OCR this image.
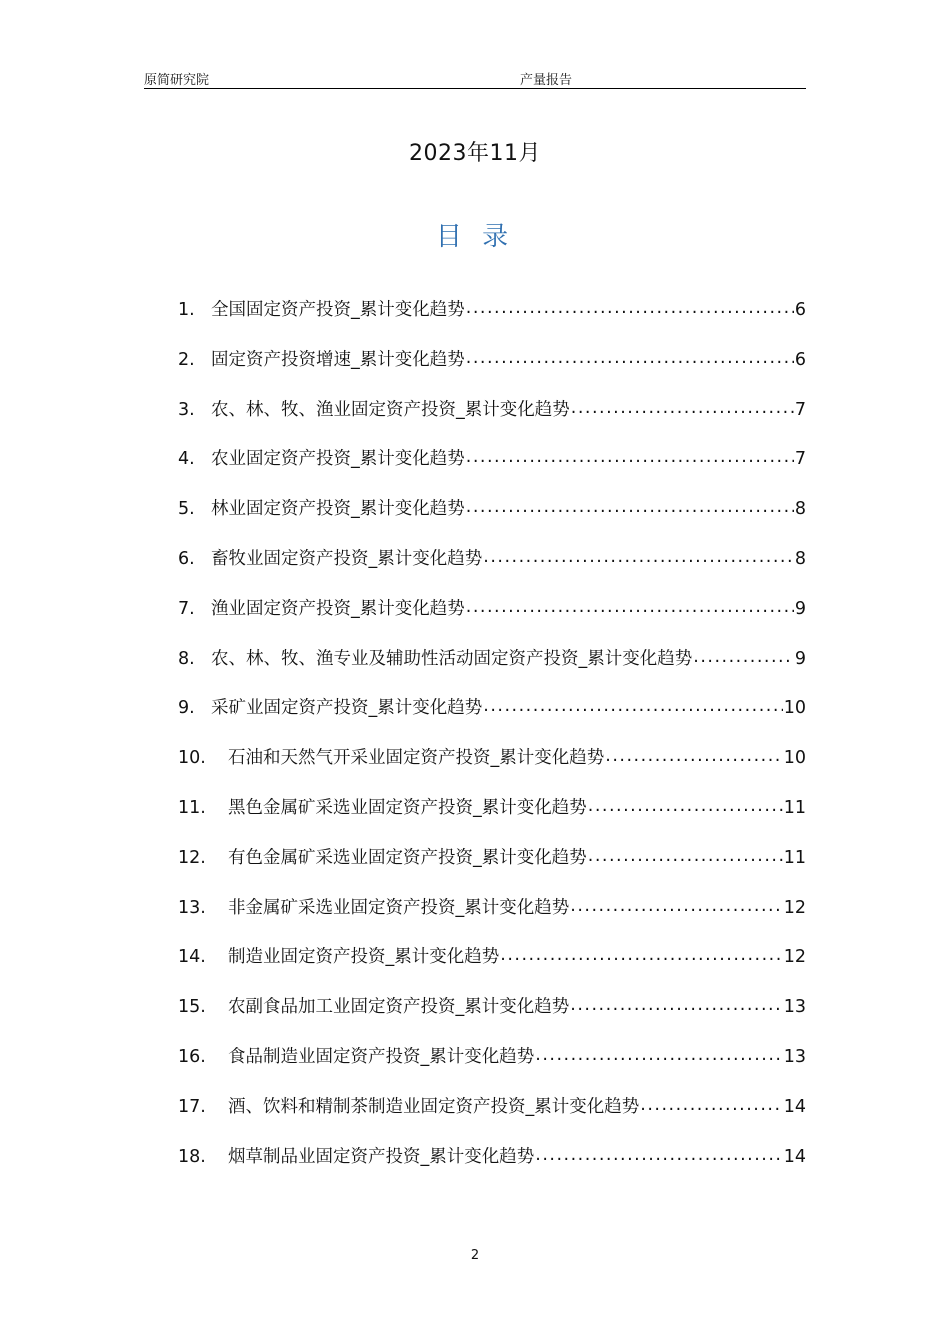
原简研究院	产量报告
2023年11月
目 录
1. 全国固定资产投资_累计变化趋势 .....	6
2. 固定资产投资增速_累计变化趋势 .....	6
3. 农、林、牧、渔业固定资产投资_累计变化趋势 .....	7
4. 农业固定资产投资_累计变化趋势 .....	7
5. 林业固定资产投资_累计变化趋势 .....	8
6. 畜牧业固定资产投资_累计变化趋势 .....	8
7. 渔业固定资产投资_累计变化趋势 .....	9
8. 农、林、牧、渔专业及辅助性活动固定资产投资_累计变化趋势 .....	9
9. 采矿业固定资产投资_累计变化趋势 .....	10
10.	石油和天然气开采业固定资产投资_累计变化趋势 .....	10
11.	黑色金属矿采选业固定资产投资_累计变化趋势 .....	11
12.	有色金属矿采选业固定资产投资_累计变化趋势 .....	11
13.	非金属矿采选业固定资产投资_累计变化趋势 .....	12
14.	制造业固定资产投资_累计变化趋势 .....	12
15.	农副食品加工业固定资产投资_累计变化趋势 .....	13
16.	食品制造业固定资产投资_累计变化趋势 .....	13
17.	酒、饮料和精制茶制造业固定资产投资_累计变化趋势 .....	14
18.	烟草制品业固定资产投资_累计变化趋势 .....	14
2
